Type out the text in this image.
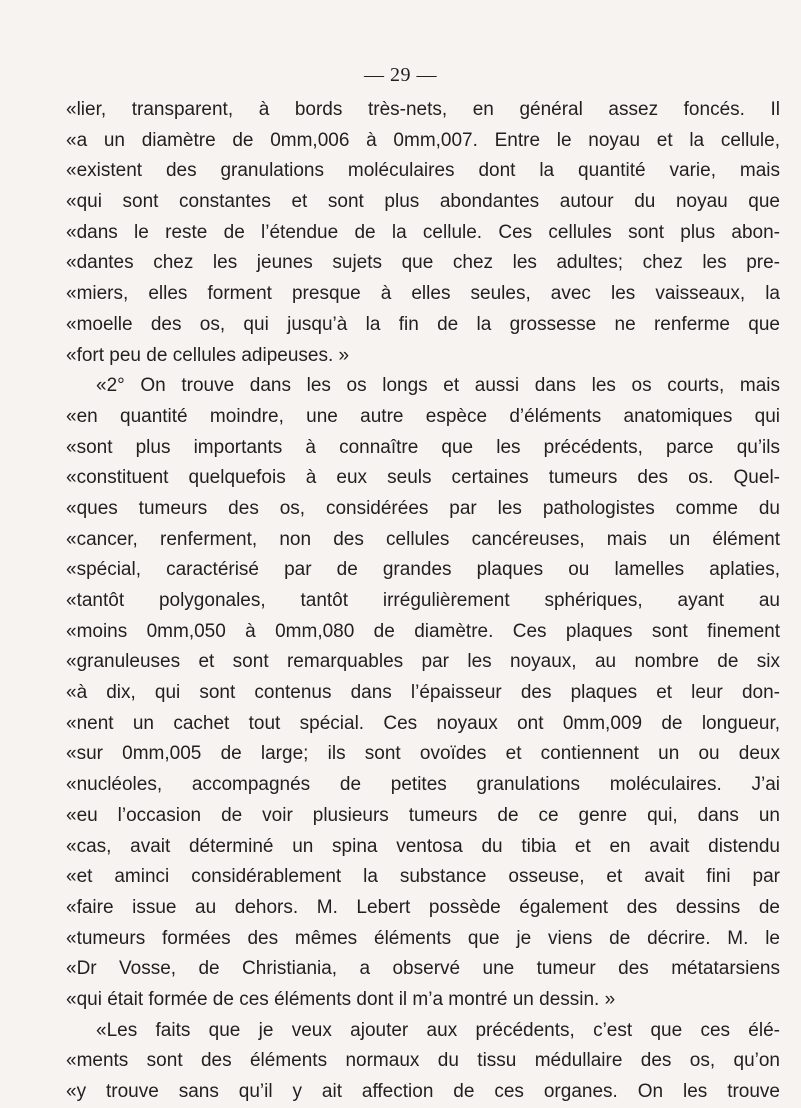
— 29 —
«lier, transparent, à bords très-nets, en général assez foncés. Il
«a un diamètre de 0mm,006 à 0mm,007. Entre le noyau et la cellule,
«existent des granulations moléculaires dont la quantité varie, mais
«qui sont constantes et sont plus abondantes autour du noyau que
«dans le reste de l’étendue de la cellule. Ces cellules sont plus abon-
«dantes chez les jeunes sujets que chez les adultes; chez les pre-
«miers, elles forment presque à elles seules, avec les vaisseaux, la
«moelle des os, qui jusqu’à la fin de la grossesse ne renferme que
«fort peu de cellules adipeuses. »
«2° On trouve dans les os longs et aussi dans les os courts, mais
«en quantité moindre, une autre espèce d’éléments anatomiques qui
«sont plus importants à connaître que les précédents, parce qu’ils
«constituent quelquefois à eux seuls certaines tumeurs des os. Quel-
«ques tumeurs des os, considérées par les pathologistes comme du
«cancer, renferment, non des cellules cancéreuses, mais un élément
«spécial, caractérisé par de grandes plaques ou lamelles aplaties,
«tantôt polygonales, tantôt irrégulièrement sphériques, ayant au
«moins 0mm,050 à 0mm,080 de diamètre. Ces plaques sont finement
«granuleuses et sont remarquables par les noyaux, au nombre de six
«à dix, qui sont contenus dans l’épaisseur des plaques et leur don-
«nent un cachet tout spécial. Ces noyaux ont 0mm,009 de longueur,
«sur 0mm,005 de large; ils sont ovoïdes et contiennent un ou deux
«nucléoles, accompagnés de petites granulations moléculaires. J’ai
«eu l’occasion de voir plusieurs tumeurs de ce genre qui, dans un
«cas, avait déterminé un spina ventosa du tibia et en avait distendu
«et aminci considérablement la substance osseuse, et avait fini par
«faire issue au dehors. M. Lebert possède également des dessins de
«tumeurs formées des mêmes éléments que je viens de décrire. M. le
«Dr Vosse, de Christiania, a observé une tumeur des métatarsiens
«qui était formée de ces éléments dont il m’a montré un dessin. »
«Les faits que je veux ajouter aux précédents, c’est que ces élé-
«ments sont des éléments normaux du tissu médullaire des os, qu’on
«y trouve sans qu’il y ait affection de ces organes. On les trouve
